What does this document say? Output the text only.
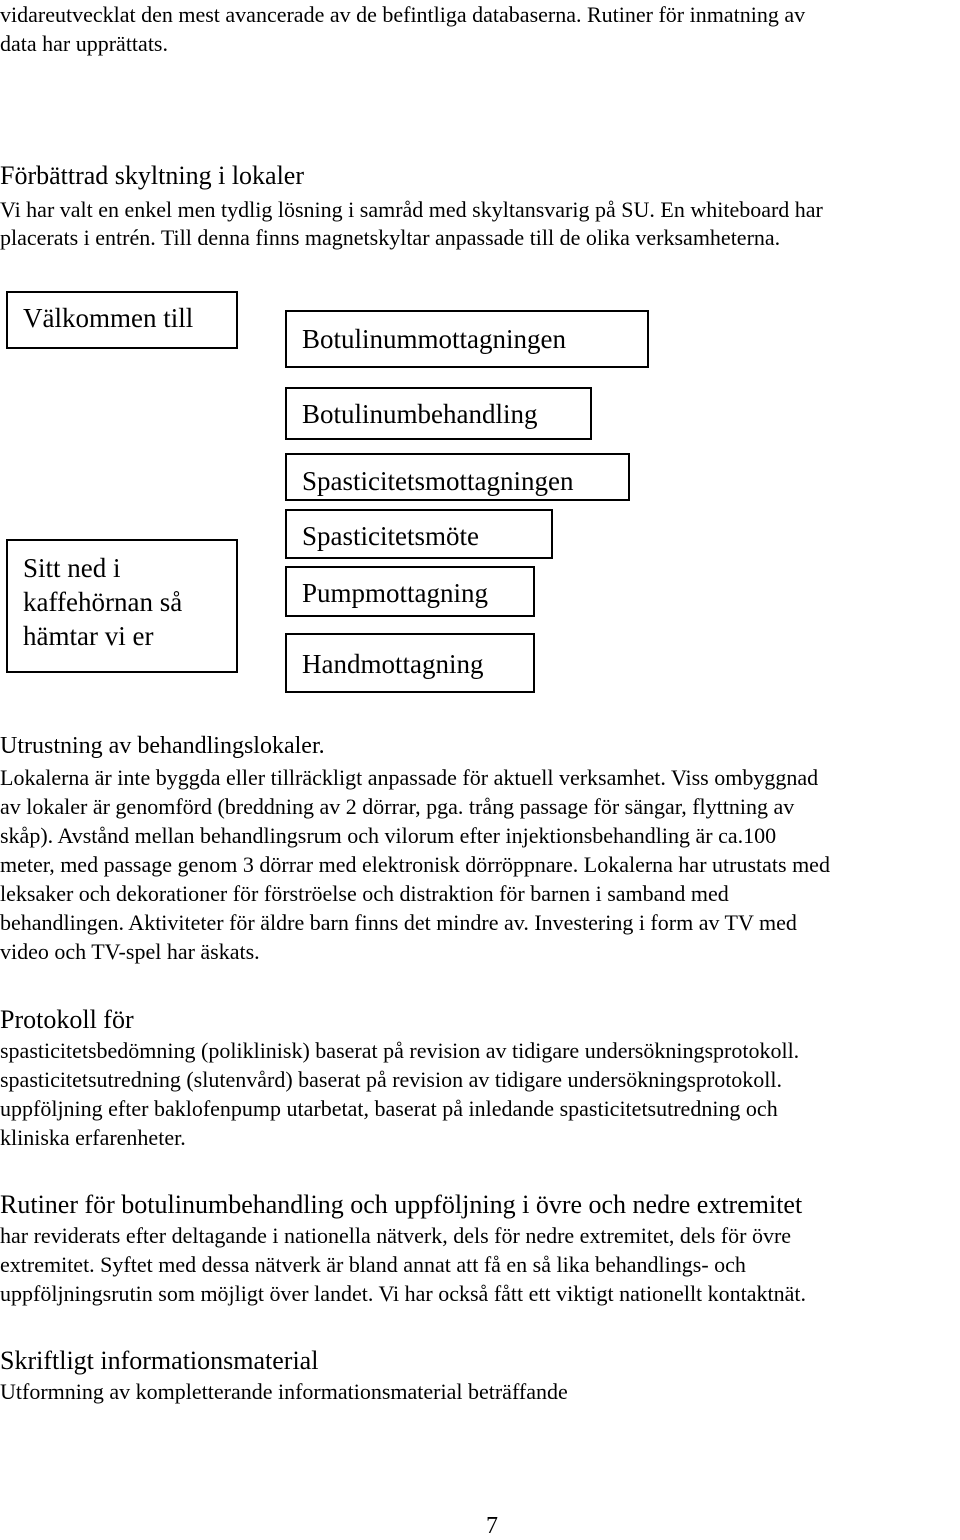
vidareutvecklat den mest avancerade av de befintliga databaserna. Rutiner för inmatning av
data har upprättats.
Förbättrad skyltning i lokaler
Vi har valt en enkel men tydlig lösning i samråd med skyltansvarig på SU. En whiteboard har
placerats i entrén. Till denna finns magnetskyltar anpassade till de olika verksamheterna.
Välkommen till
Sitt ned i
kaffehörnan så
hämtar vi er
Botulinummottagningen
Botulinumbehandling
Spasticitetsmottagningen
Spasticitetsmöte
Pumpmottagning
Handmottagning
Utrustning av behandlingslokaler.
Lokalerna är inte byggda eller tillräckligt anpassade för aktuell verksamhet. Viss ombyggnad
av lokaler är genomförd (breddning av 2 dörrar, pga. trång passage för sängar, flyttning av
skåp). Avstånd mellan behandlingsrum och vilorum efter injektionsbehandling är ca.100
meter, med passage genom 3 dörrar med elektronisk dörröppnare. Lokalerna har utrustats med
leksaker och dekorationer för förströelse och distraktion för barnen i samband med
behandlingen. Aktiviteter för äldre barn finns det mindre av. Investering i form av TV med
video och TV-spel har äskats.
Protokoll för
spasticitetsbedömning (poliklinisk) baserat på revision av tidigare undersökningsprotokoll.
spasticitetsutredning (slutenvård) baserat på revision av tidigare undersökningsprotokoll.
uppföljning efter baklofenpump utarbetat, baserat på inledande spasticitetsutredning och
kliniska erfarenheter.
Rutiner för botulinumbehandling och uppföljning i övre och nedre extremitet
har reviderats efter deltagande i nationella nätverk, dels för nedre extremitet, dels för övre
extremitet. Syftet med dessa nätverk är bland annat att få en så lika behandlings- och
uppföljningsrutin som möjligt över landet. Vi har också fått ett viktigt nationellt kontaktnät.
Skriftligt informationsmaterial
Utformning av kompletterande informationsmaterial beträffande
7
